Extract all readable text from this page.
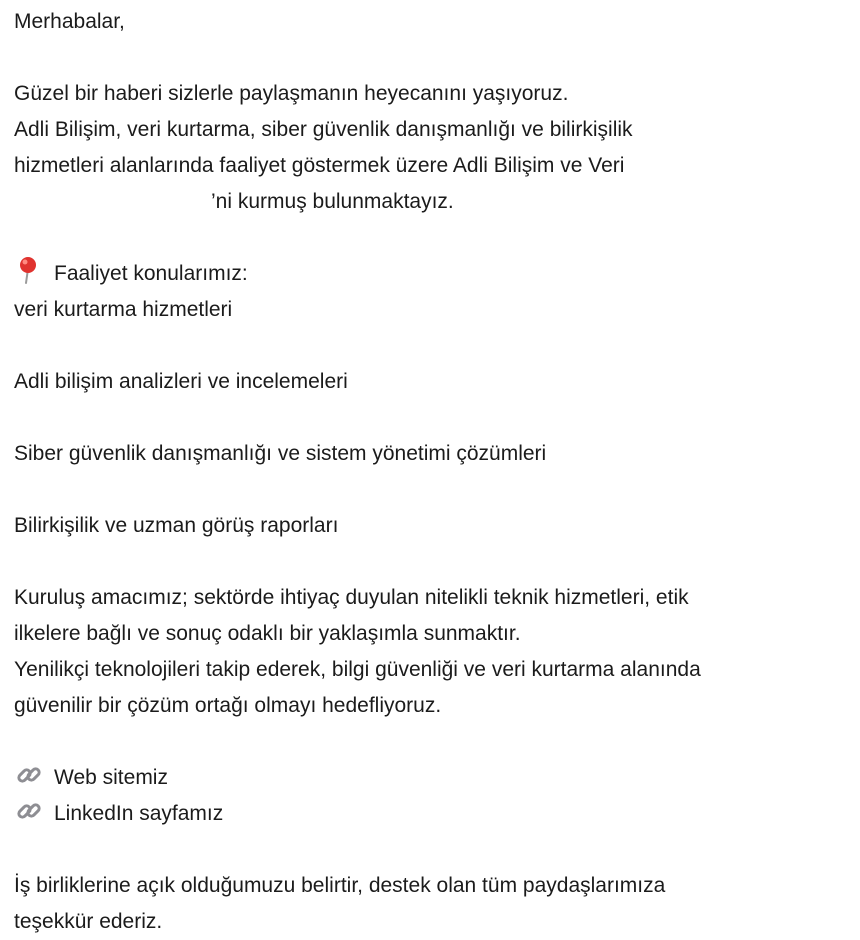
Merhabalar,
Güzel bir haberi sizlerle paylaşmanın heyecanını yaşıyoruz.
Adli Bilişim, veri kurtarma, siber güvenlik danışmanlığı ve bilirkişilik
hizmetleri alanlarında faaliyet göstermek üzere Adli Bilişim ve Veri
’ni kurmuş bulunmaktayız.
Faaliyet konularımız:
veri kurtarma hizmetleri
Adli bilişim analizleri ve incelemeleri
Siber güvenlik danışmanlığı ve sistem yönetimi çözümleri
Bilirkişilik ve uzman görüş raporları
Kuruluş amacımız; sektörde ihtiyaç duyulan nitelikli teknik hizmetleri, etik
ilkelere bağlı ve sonuç odaklı bir yaklaşımla sunmaktır.
Yenilikçi teknolojileri takip ederek, bilgi güvenliği ve veri kurtarma alanında
güvenilir bir çözüm ortağı olmayı hedefliyoruz.
Web sitemiz
LinkedIn sayfamız
İş birliklerine açık olduğumuzu belirtir, destek olan tüm paydaşlarımıza
teşekkür ederiz.
